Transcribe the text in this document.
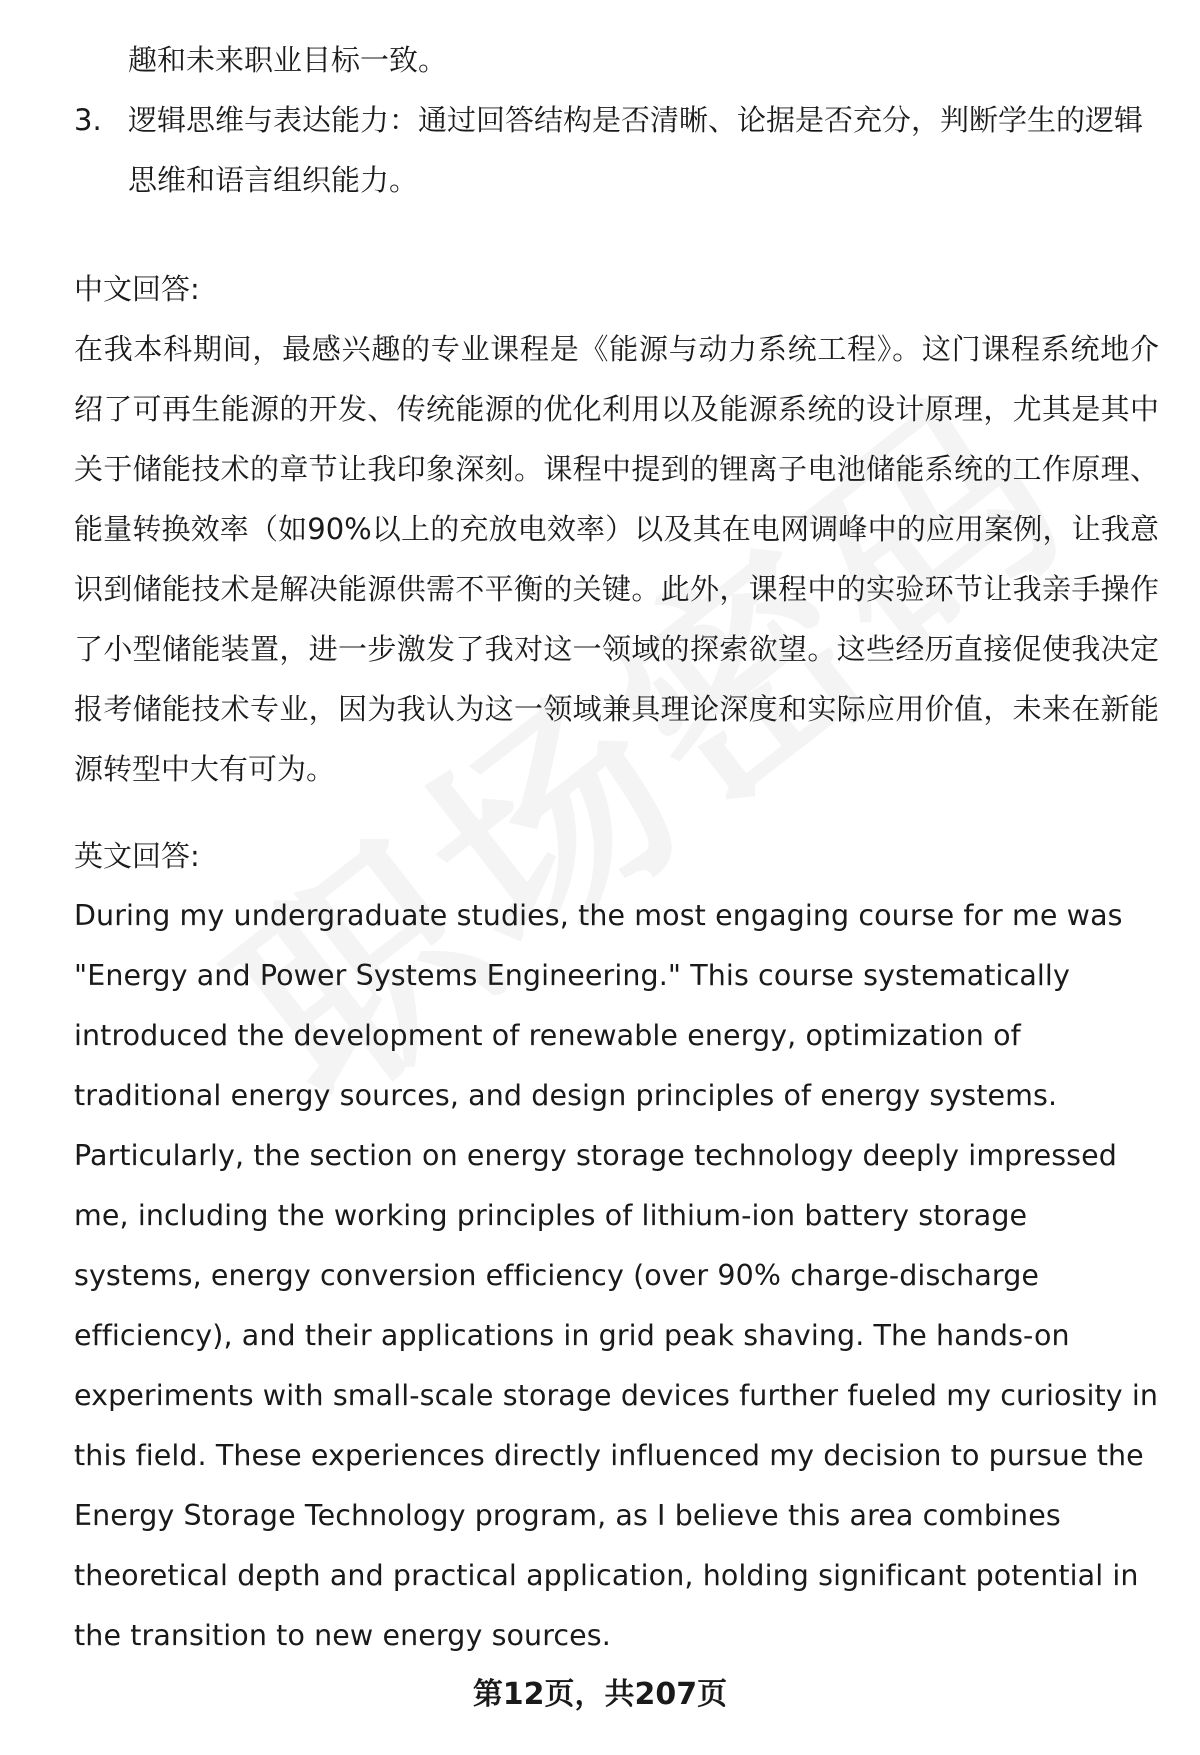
趣和未来职业目标一致。
3. 逻辑思维与表达能力：通过回答结构是否清晰、论据是否充分，判断学生的逻辑思维和语言组织能力。

中文回答:

在我本科期间，最感兴趣的专业课程是《能源与动力系统工程》。这门课程系统地介绍了可再生能源的开发、传统能源的优化利用以及能源系统的设计原理，尤其是其中关于储能技术的章节让我印象深刻。课程中提到的锂离子电池储能系统的工作原理、能量转换效率（如90%以上的充放电效率）以及其在电网调峰中的应用案例，让我意识到储能技术是解决能源供需不平衡的关键。此外，课程中的实验环节让我亲手操作了小型储能装置，进一步激发了我对这一领域的探索欲望。这些经历直接促使我决定报考储能技术专业，因为我认为这一领域兼具理论深度和实际应用价值，未来在新能源转型中大有可为。

英文回答:

During my undergraduate studies, the most engaging course for me was "Energy and Power Systems Engineering." This course systematically introduced the development of renewable energy, optimization of traditional energy sources, and design principles of energy systems. Particularly, the section on energy storage technology deeply impressed me, including the working principles of lithium-ion battery storage systems, energy conversion efficiency (over 90% charge-discharge efficiency), and their applications in grid peak shaving. The hands-on experiments with small-scale storage devices further fueled my curiosity in this field. These experiences directly influenced my decision to pursue the Energy Storage Technology program, as I believe this area combines theoretical depth and practical application, holding significant potential in the transition to new energy sources.

第12页，共207页
